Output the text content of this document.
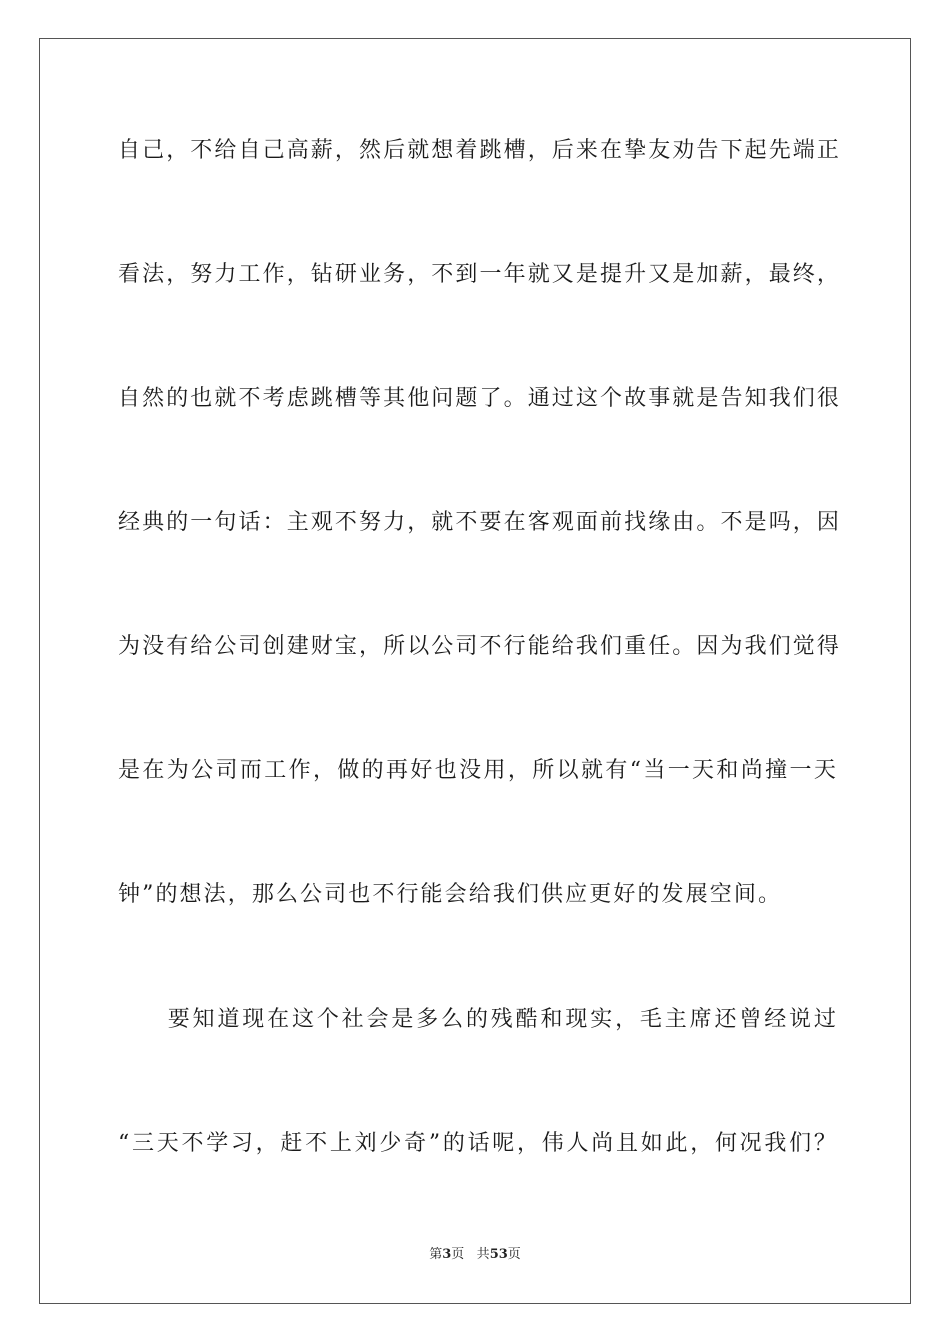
自己，不给自己高薪，然后就想着跳槽，后来在挚友劝告下起先端正
看法，努力工作，钻研业务，不到一年就又是提升又是加薪，最终，
自然的也就不考虑跳槽等其他问题了。通过这个故事就是告知我们很
经典的一句话：主观不努力，就不要在客观面前找缘由。不是吗，因
为没有给公司创建财宝，所以公司不行能给我们重任。因为我们觉得
是在为公司而工作，做的再好也没用，所以就有“当一天和尚撞一天
钟”的想法，那么公司也不行能会给我们供应更好的发展空间。
　　要知道现在这个社会是多么的残酷和现实，毛主席还曾经说过
“三天不学习，赶不上刘少奇”的话呢，伟人尚且如此，何况我们？
第3页 共53页
